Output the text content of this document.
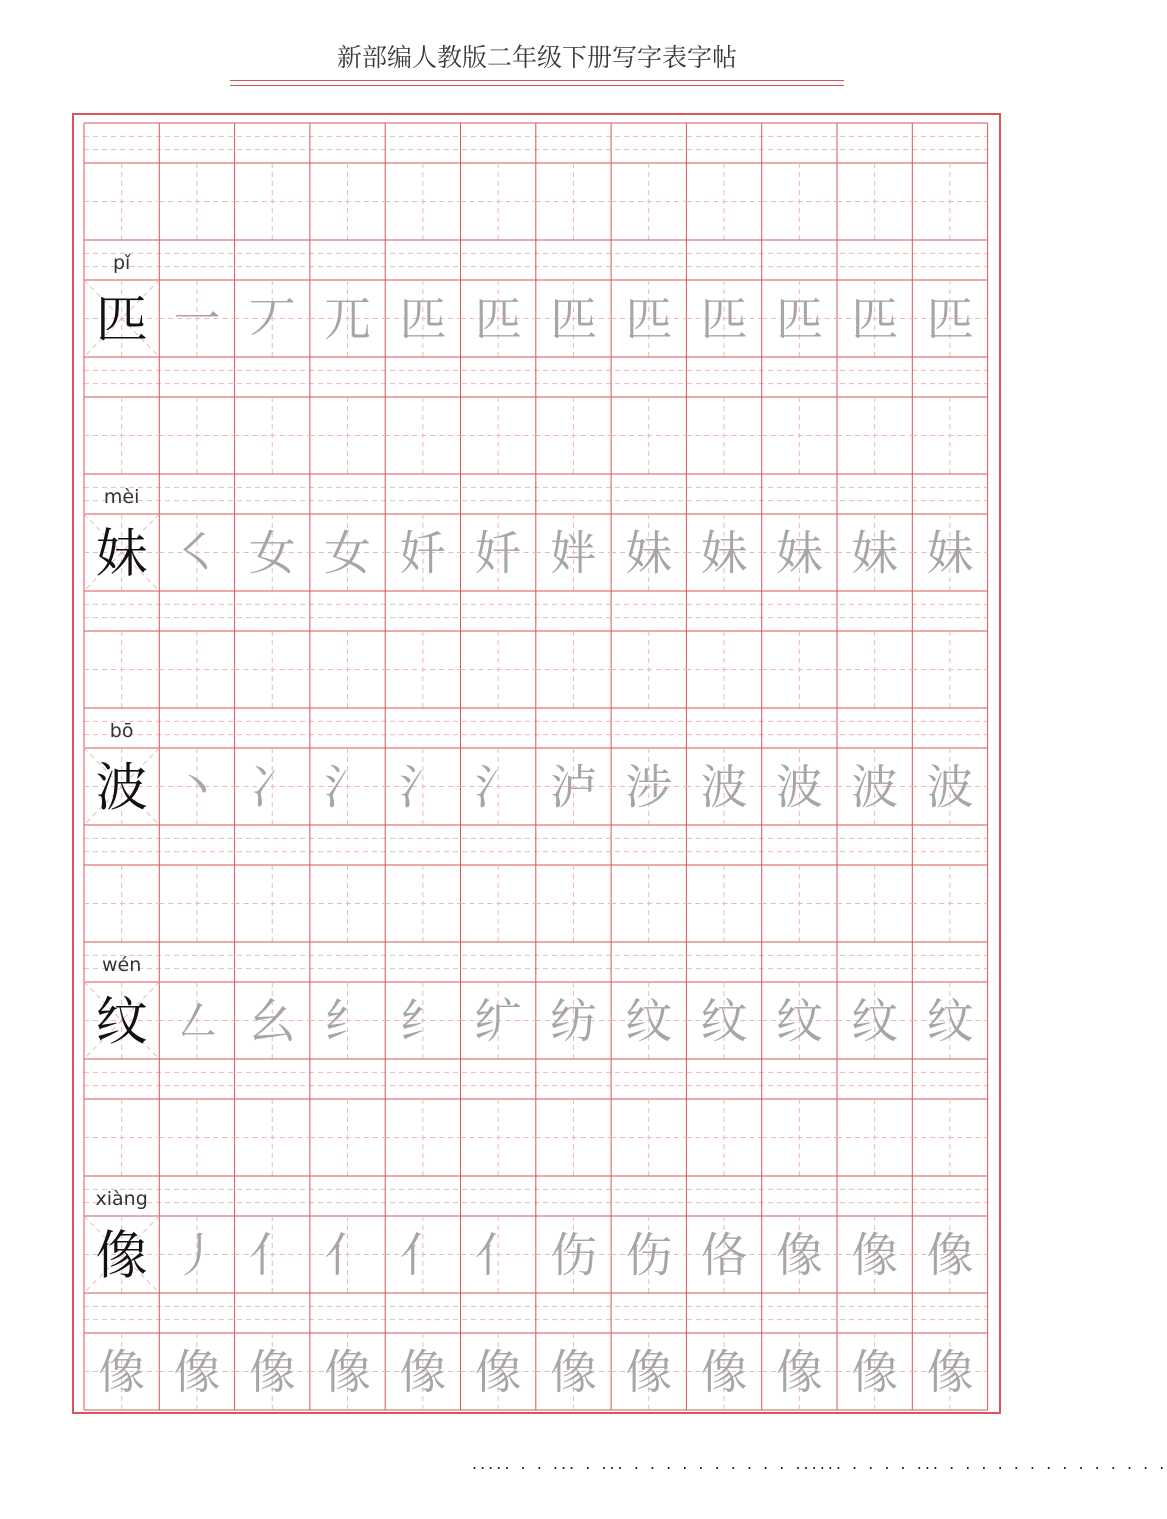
新部编人教版二年级下册写字表字帖
pǐ
匹 一 丆 兀 匹 匹 匹 匹 匹 匹 匹 匹
mèi
妹 ㇛ 女 女 奷 奷 姅 妹 妹 妹 妹 妹
bō
波 丶 冫 氵 氵 氵 泸 涉 波 波 波 波
wén
纹 ㇜ 幺 纟 纟 纩 纺 纹 纹 纹 纹 纹
xiàng
像 丿 亻 亻 亻 亻 伤 伤 佫 像 像 像
像 像 像 像 像 像 像 像 像 像 像 像
..... . . ... . ... . . . . . . . . . . ...... . . . . ... . . . . . . . . . . . . . .
